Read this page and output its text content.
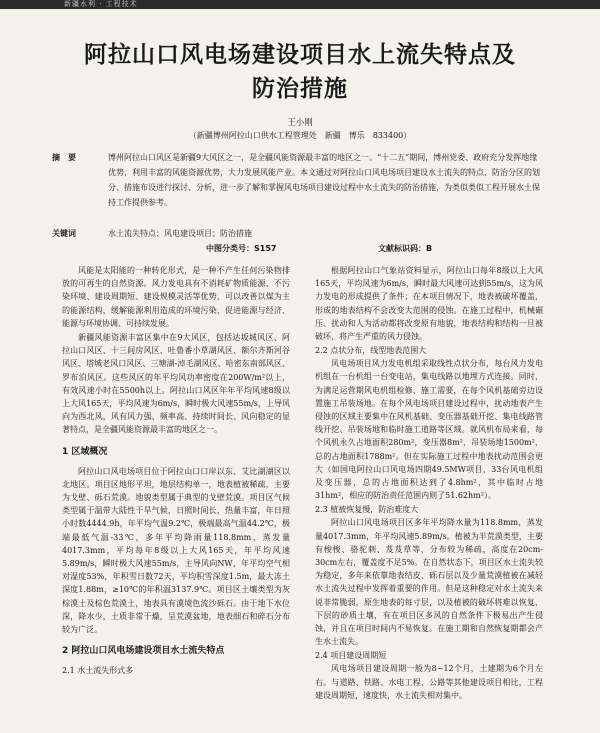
新疆水利 · 工程技术
阿拉山口风电场建设项目水上流失特点及
防治措施

王小刚

（新疆博州阿拉山口供水工程管理处　新疆　博乐　833400）

摘　要	博州阿拉山口风区是新疆9大风区之一，是全疆风能资源最丰富的地区之一。“十二五”期间，博州党委、政府充分发挥地缘优势，利用丰富的风能资源优势，大力发展风能产业。本文通过对阿拉山口风电场项目建设水土流失的特点、防治分区的划分、措施布设进行探讨、分析，进一步了解和掌握风电场项目建设过程中水土流失的防治措施，为类似类似工程开展水土保持工作提供参考。

关键词	水土流失特点；风电建设项目；防治措施

中图分类号：S157	文献标识码：B

风能是太阳能的一种转化形式，是一种不产生任何污染物排放的可再生的自然资源。风力发电具有不消耗矿物质能源、不污染环境、建设周期短、建设规模灵活等优势，可以改善以煤为主的能源结构，缓解能源利用造成的环境污染，促进能源与经济、能源与环境协调、可持续发展。

新疆风能资源丰富区集中在9大风区，包括达坂城风区、阿拉山口风区、十三间房风区、吐鲁番小草湖风区、额尔齐斯河谷风区、塔城老风口风区、三塘湖-淖毛湖风区、哈密东南部风区、罗布泊风区。这些风区的年平均风功率密度在200W/m²以上，有效风速小时在5500h以上。阿拉山口风区年年平均风速8级以上大风165天，平均风速为6m/s，瞬时极大风速55m/s，上导风向为西北风，风有风力强、频率高、持续时间长、风向稳定的显著特点，是全疆风能资源最丰富的地区之一。

1 区域概况

阿拉山口风电场项目位于阿拉山口口岸以东、艾比湖湖区以北地区。项目区地形平坦，地层结构单一，地表植被稀疏，主要为戈壁、砾石荒漠。地貌类型属于典型的戈壁荒漠。项目区气候类型属于温带大陆性干旱气候，日照时间长，热量丰富，年日照小时数4444.9h，年平均气温9.2℃，极端最高气温44.2℃，极端最低气温-33℃，多年平均降雨量118.8mm，蒸发量4017.3mm，平均每年8级以上大风165天，年平均风速5.89m/s，瞬时极大风速55m/s，主导风向NW，年平均空气相对湿度53%，年积雪日数72天，平均积雪深度1.5m，最大冻土深度1.88m，≥10℃的年积温3137.9℃。项目区土壤类型为灰棕漠土及棕色荒漠土，地表具有漠境色流沙砾石。由于地下水位深，降水少，土质非常干燥，呈荒漠盆地，地表细石和碎石分布较为广泛。

2 阿拉山口风电场建设项目水土流失特点
2.1 水土流失形式多

根据阿拉山口气象站资料显示，阿拉山口每年8级以上大风165天，平均风速为6m/s，瞬时最大风速可达到55m/s，这为风力发电的形成提供了条件；在本项目情况下，地表被破坏覆盖，形成的地表结构不会改变大范围的侵蚀。在施工过程中，机械碾压、扰动和人为活动都将改变原有地貌，地表结构和结构一旦被破坏，将产生严重的风力侵蚀。

2.2 点状分布，线型地表范围大

风电场项目风力发电机组采取线性点状分布，每台风力发电机组在一台机组一台变电站，集电线路以地埋方式连接。同时，为满足运营期风电机组检修、施工需要，在每个风机基础旁边设置施工吊装场地。在每个风电场项目建设过程中，扰动地表产生侵蚀的区域主要集中在风机基础、变压器基础开挖、集电线路管线开挖、吊装场地和临时施工道路等区域。就风机布局来看，每个风机永久占地面积280m²，变压器8m²，吊装场地1500m²，总的占地面积1788m²。但在实际施工过程中地表扰动范围会更大（如国电阿拉山口风电场四期49.5MW项目，33台风电机组及变压器，总的占地面积达到了4.8hm²，其中临时占地31hm²，相应的防治责任范围内则了51.62hm²）。

2.3 植被恢复慢，防治难度大

阿拉山口风电场项目区多年平均降水量为118.8mm，蒸发量4017.3mm，年平均风速5.89m/s。植被为半荒漠类型，主要有梭梭、骆驼刺、芨芨草等，分布较为稀疏，高度在20cm-30cm左右，覆盖度不足5%。在自然状态下，项目区水土流失较为稳定，多年来依靠地表结皮、砾石层以及少量荒漠植被在减轻水土流失过程中发挥着重要的作用。但是这种稳定对水土流失来说非常脆弱，原生地表的每寸层，以及植被的破坏将难以恢复，下层的砂质土壤，有在项目区多风的自然条件下极易出产生侵蚀，并且在项目时间内不易恢复。在施工期和自然恢复期都会产生水土流失。

2.4 项目建设周期短

风电场项目建设周期一般为8~12个月，土建期为6个月左右。与道路、铁路、水电工程、公路等其他建设项目相比，工程建设周期短，速度快，水土流失相对集中。
